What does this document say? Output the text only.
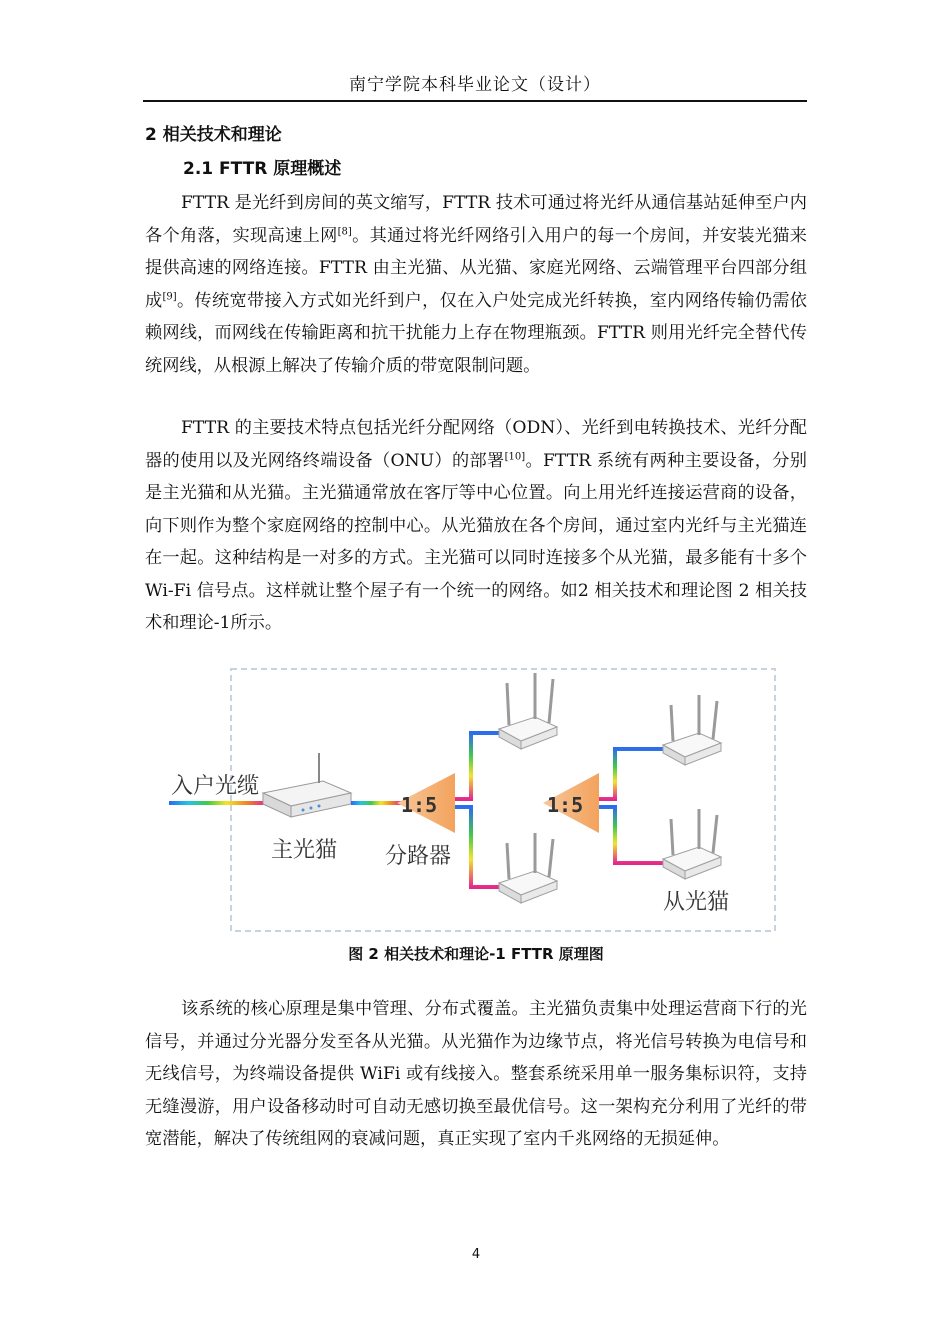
南宁学院本科毕业论文（设计）
2 相关技术和理论
2.1 FTTR 原理概述

FTTR 是光纤到房间的英文缩写，FTTR 技术可通过将光纤从通信基站延伸至户内各个角落，实现高速上网[8]。其通过将光纤网络引入用户的每一个房间，并安装光猫来提供高速的网络连接。FTTR 由主光猫、从光猫、家庭光网络、云端管理平台四部分组成[9]。传统宽带接入方式如光纤到户，仅在入户处完成光纤转换，室内网络传输仍需依赖网线，而网线在传输距离和抗干扰能力上存在物理瓶颈。FTTR 则用光纤完全替代传统网线，从根源上解决了传输介质的带宽限制问题。

FTTR 的主要技术特点包括光纤分配网络（ODN）、光纤到电转换技术、光纤分配器的使用以及光网络终端设备（ONU）的部署[10]。FTTR 系统有两种主要设备，分别是主光猫和从光猫。主光猫通常放在客厅等中心位置。向上用光纤连接运营商的设备，向下则作为整个家庭网络的控制中心。从光猫放在各个房间，通过室内光纤与主光猫连在一起。这种结构是一对多的方式。主光猫可以同时连接多个从光猫，最多能有十多个 Wi-Fi 信号点。这样就让整个屋子有一个统一的网络。如2 相关技术和理论图 2 相关技术和理论-1所示。

入户光缆
主光猫
1:5
分路器
1:5
从光猫
图 2 相关技术和理论-1 FTTR 原理图

该系统的核心原理是集中管理、分布式覆盖。主光猫负责集中处理运营商下行的光信号，并通过分光器分发至各从光猫。从光猫作为边缘节点，将光信号转换为电信号和无线信号，为终端设备提供 WiFi 或有线接入。整套系统采用单一服务集标识符，支持无缝漫游，用户设备移动时可自动无感切换至最优信号。这一架构充分利用了光纤的带宽潜能，解决了传统组网的衰减问题，真正实现了室内千兆网络的无损延伸。

4
